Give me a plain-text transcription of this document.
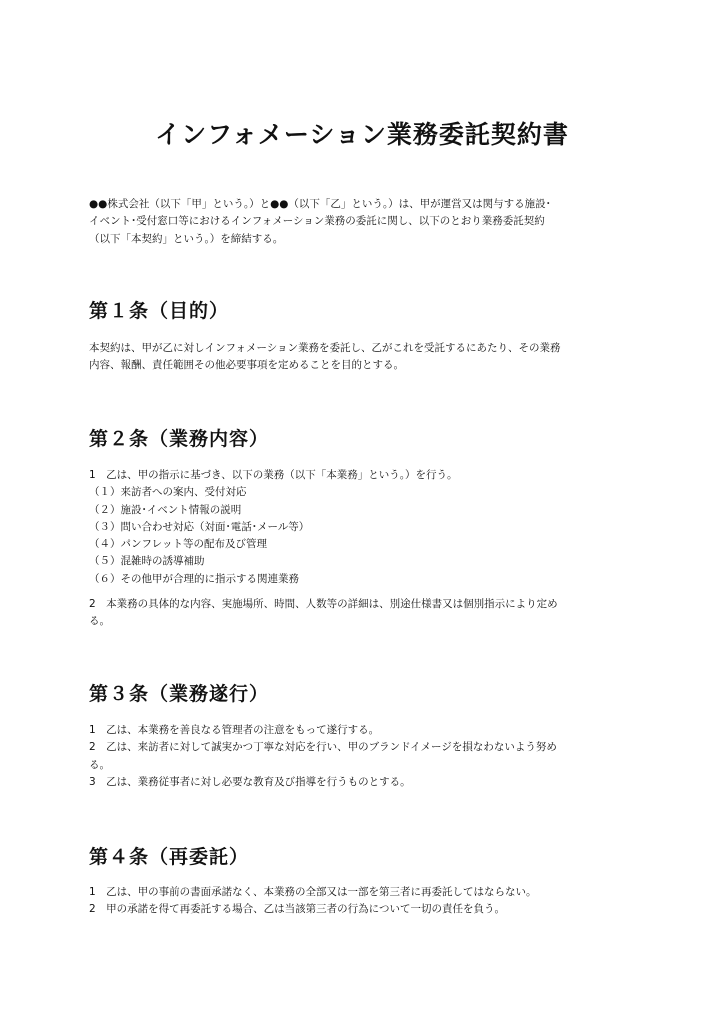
インフォメーション業務委託契約書

●●株式会社（以下「甲」という。）と●●（以下「乙」という。）は、甲が運営又は関与する施設･

イベント･受付窓口等におけるインフォメーション業務の委託に関し、以下のとおり業務委託契約

（以下「本契約」という。）を締結する。

第１条（目的）

本契約は、甲が乙に対しインフォメーション業務を委託し、乙がこれを受託するにあたり、その業務

内容、報酬、責任範囲その他必要事項を定めることを目的とする。

第２条（業務内容）

1　乙は、甲の指示に基づき、以下の業務（以下「本業務」という。）を行う。

（１）来訪者への案内、受付対応

（２）施設･イベント情報の説明

（３）問い合わせ対応（対面･電話･メール等）

（４）パンフレット等の配布及び管理

（５）混雑時の誘導補助

（６）その他甲が合理的に指示する関連業務

2　本業務の具体的な内容、実施場所、時間、人数等の詳細は、別途仕様書又は個別指示により定め

る。

第３条（業務遂行）

1　乙は、本業務を善良なる管理者の注意をもって遂行する。

2　乙は、来訪者に対して誠実かつ丁寧な対応を行い、甲のブランドイメージを損なわないよう努め

る。

3　乙は、業務従事者に対し必要な教育及び指導を行うものとする。

第４条（再委託）

1　乙は、甲の事前の書面承諾なく、本業務の全部又は一部を第三者に再委託してはならない。

2　甲の承諾を得て再委託する場合、乙は当該第三者の行為について一切の責任を負う。
